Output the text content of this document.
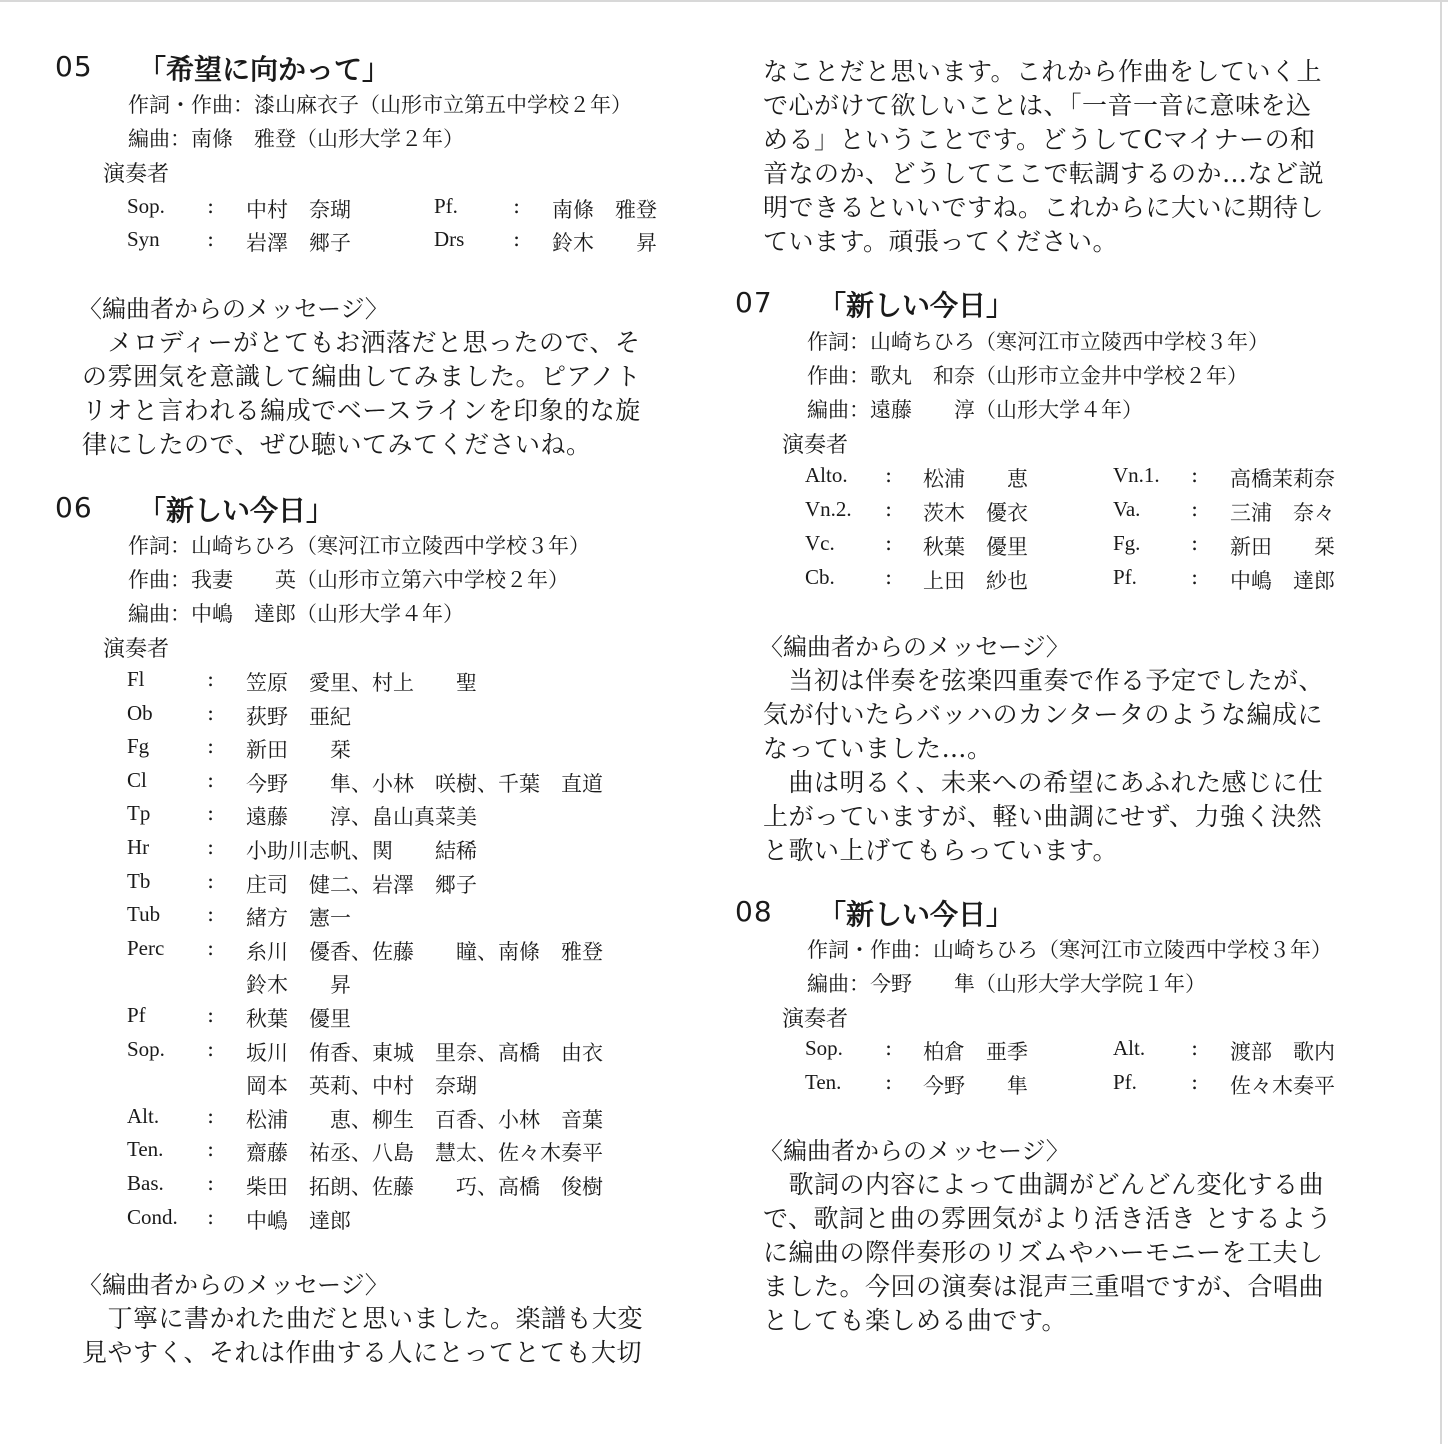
05 「希望に向かって」
作詞・作曲：漆山麻衣子（山形市立第五中学校２年）
編曲：南條　雅登（山形大学２年）
演奏者
Sop. : 中村　奈瑚	Pf.	: 南條　雅登
Syn : 岩澤　郷子	Drs : 鈴木　　昇
〈編曲者からのメッセージ〉
　メロディーがとてもお洒落だと思ったので、そ
の雰囲気を意識して編曲してみました。ピアノト
リオと言われる編成でベースラインを印象的な旋
律にしたので、ぜひ聴いてみてくださいね。
06 「新しい今日」
作詞：山崎ちひろ（寒河江市立陵西中学校３年）
作曲：我妻　　英（山形市立第六中学校２年）
編曲：中嶋　達郎（山形大学４年）
演奏者
Fl	: 笠原　愛里、村上　　聖
Ob	: 荻野　亜紀
Fg	: 新田　　栞
Cl	: 今野　　隼、小林　咲樹、千葉　直道
Tp	: 遠藤　　淳、畠山真菜美
Hr	: 小助川志帆、関　　結稀
Tb	: 庄司　健二、岩澤　郷子
Tub : 緒方　憲一
Perc : 糸川　優香、佐藤　　瞳、南條　雅登
鈴木　　昇
Pf	: 秋葉　優里
Sop. : 坂川　侑香、東城　里奈、高橋　由衣
岡本　英莉、中村　奈瑚
Alt. : 松浦　　恵、柳生　百香、小林　音葉
Ten. : 齋藤　祐丞、八島　慧太、佐々木奏平
Bas. : 柴田　拓朗、佐藤　　巧、高橋　俊樹
Cond. : 中嶋　達郎
〈編曲者からのメッセージ〉
　丁寧に書かれた曲だと思いました。楽譜も大変
見やすく、それは作曲する人にとってとても大切
なことだと思います。これから作曲をしていく上
で心がけて欲しいことは、「一音一音に意味を込
める」ということです。どうしてCマイナーの和
音なのか、どうしてここで転調するのか…など説
明できるといいですね。これからに大いに期待し
ています。頑張ってください。
07 「新しい今日」
作詞：山崎ちひろ（寒河江市立陵西中学校３年）
作曲：歌丸　和奈（山形市立金井中学校２年）
編曲：遠藤　　淳（山形大学４年）
演奏者
Alto. : 松浦　　恵	Vn.1. : 高橋茉莉奈
Vn.2. : 茨木　優衣	Va. : 三浦　奈々
Vc. : 秋葉　優里	Fg. : 新田　　栞
Cb. : 上田　紗也	Pf.	: 中嶋　達郎
〈編曲者からのメッセージ〉
　当初は伴奏を弦楽四重奏で作る予定でしたが、
気が付いたらバッハのカンタータのような編成に
なっていました…。
　曲は明るく、未来への希望にあふれた感じに仕
上がっていますが、軽い曲調にせず、力強く決然
と歌い上げてもらっています。
08 「新しい今日」
作詞・作曲：山崎ちひろ（寒河江市立陵西中学校３年）
編曲：今野　　隼（山形大学大学院１年）
演奏者
Sop. : 柏倉　亜季	Alt. : 渡部　歌内
Ten. : 今野　　隼	Pf.	: 佐々木奏平
〈編曲者からのメッセージ〉
　歌詞の内容によって曲調がどんどん変化する曲
で、歌詞と曲の雰囲気がより活き活き とするよう
に編曲の際伴奏形のリズムやハーモニーを工夫し
ました。今回の演奏は混声三重唱ですが、合唱曲
としても楽しめる曲です。
